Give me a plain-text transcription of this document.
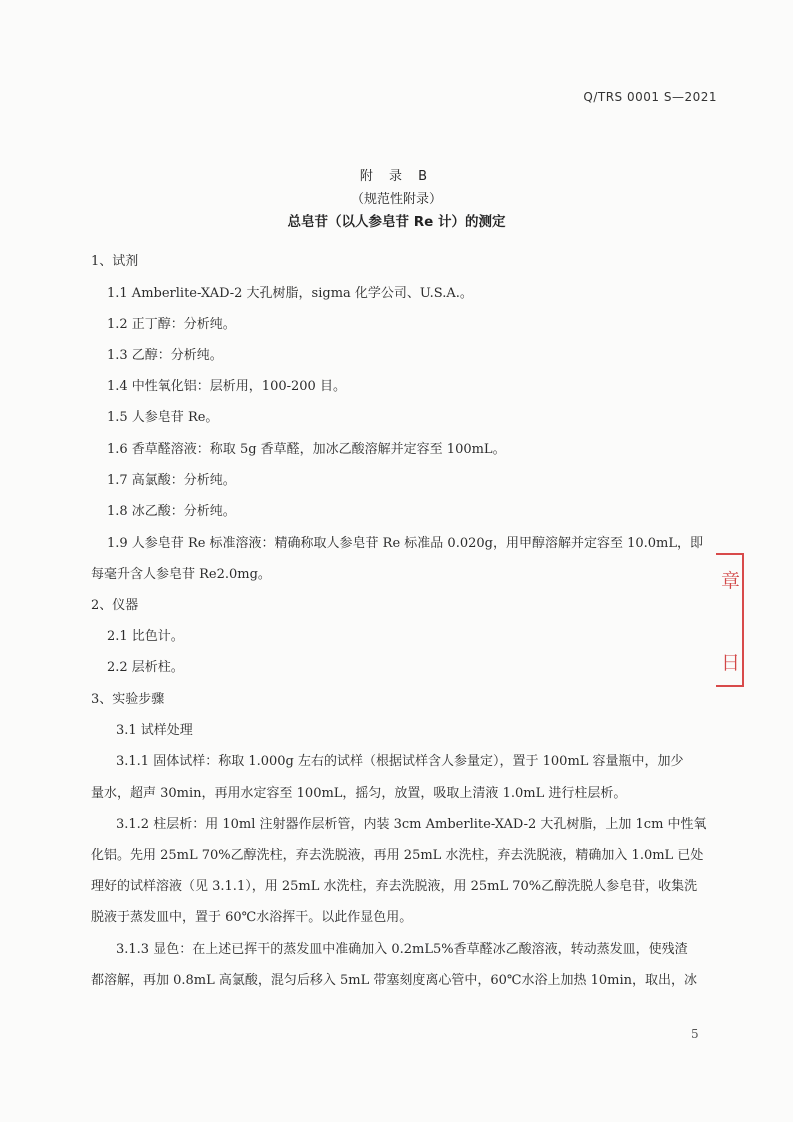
Q/TRS 0001 S—2021
附 录 B
（规范性附录）
总皂苷（以人参皂苷 Re 计）的测定
1、试剂
1.1 Amberlite-XAD-2 大孔树脂，sigma 化学公司、U.S.A.。
1.2 正丁醇：分析纯。
1.3 乙醇：分析纯。
1.4 中性氧化铝：层析用，100-200 目。
1.5 人参皂苷 Re。
1.6 香草醛溶液：称取 5g 香草醛，加冰乙酸溶解并定容至 100mL。
1.7 高氯酸：分析纯。
1.8 冰乙酸：分析纯。
1.9 人参皂苷 Re 标准溶液：精确称取人参皂苷 Re 标准品 0.020g，用甲醇溶解并定容至 10.0mL，即
每毫升含人参皂苷 Re2.0mg。
2、仪器
2.1 比色计。
2.2 层析柱。
3、实验步骤
3.1 试样处理
3.1.1 固体试样：称取 1.000g 左右的试样（根据试样含人参量定），置于 100mL 容量瓶中，加少
量水，超声 30min，再用水定容至 100mL，摇匀，放置，吸取上清液 1.0mL 进行柱层析。
3.1.2 柱层析：用 10ml 注射器作层析管，内装 3cm Amberlite-XAD-2 大孔树脂，上加 1cm 中性氧
化铝。先用 25mL 70%乙醇洗柱，弃去洗脱液，再用 25mL 水洗柱，弃去洗脱液，精确加入 1.0mL 已处
理好的试样溶液（见 3.1.1），用 25mL 水洗柱，弃去洗脱液，用 25mL 70%乙醇洗脱人参皂苷，收集洗
脱液于蒸发皿中，置于 60℃水浴挥干。以此作显色用。
3.1.3 显色：在上述已挥干的蒸发皿中准确加入 0.2mL5%香草醛冰乙酸溶液，转动蒸发皿，使残渣
都溶解，再加 0.8mL 高氯酸，混匀后移入 5mL 带塞刻度离心管中，60℃水浴上加热 10min，取出，冰
章
日
5
